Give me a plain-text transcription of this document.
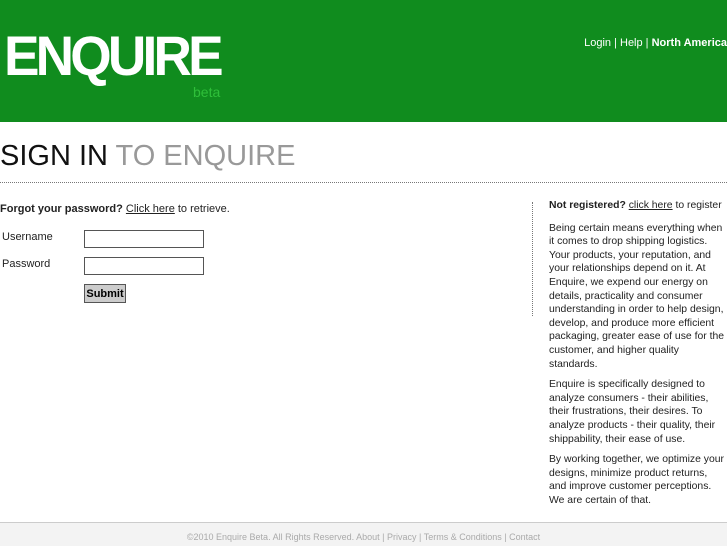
ENQUIRE
beta
Login | Help | North America
SIGN IN TO ENQUIRE
Forgot your password? Click here to retrieve.
Username
Password
Submit

Not registered? click here to register

Being certain means everything when it comes to drop shipping logistics. Your products, your reputation, and your relationships depend on it. At Enquire, we expend our energy on details, practicality and consumer understanding in order to help design, develop, and produce more efficient packaging, greater ease of use for the customer, and higher quality standards.

Enquire is specifically designed to analyze consumers - their abilities, their frustrations, their desires. To analyze products - their quality, their shippability, their ease of use.

By working together, we optimize your designs, minimize product returns, and improve customer perceptions. We are certain of that.

©2010 Enquire Beta. All Rights Reserved. About | Privacy | Terms & Conditions | Contact
